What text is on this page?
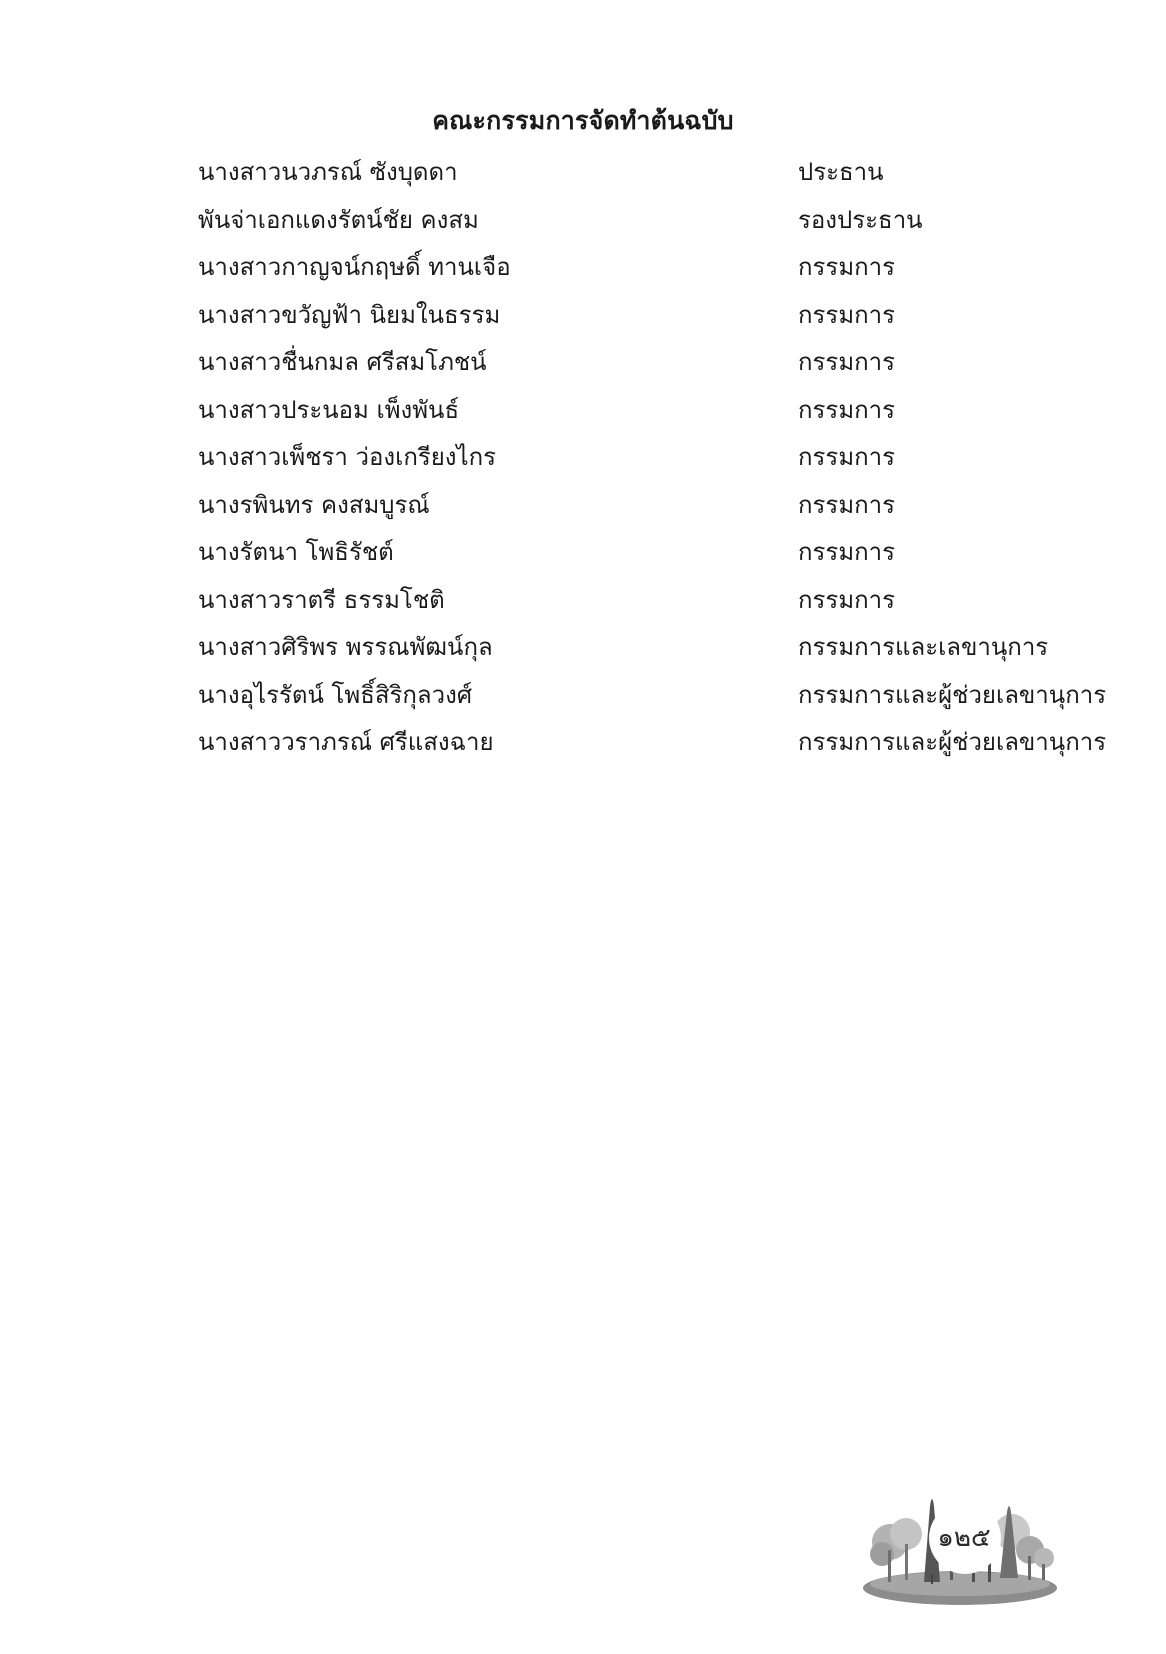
คณะกรรมการจัดทำต้นฉบับ
นางสาวนวภรณ์ ซังบุดดา	ประธาน
พันจ่าเอกแดงรัตน์ชัย คงสม	รองประธาน
นางสาวกาญจน์กฤษดิ์ ทานเจือ	กรรมการ
นางสาวขวัญฟ้า นิยมในธรรม	กรรมการ
นางสาวชื่นกมล ศรีสมโภชน์	กรรมการ
นางสาวประนอม เพ็งพันธ์	กรรมการ
นางสาวเพ็ชรา ว่องเกรียงไกร	กรรมการ
นางรพินทร คงสมบูรณ์	กรรมการ
นางรัตนา โพธิรัชต์	กรรมการ
นางสาวราตรี ธรรมโชติ	กรรมการ
นางสาวศิริพร พรรณพัฒน์กุล	กรรมการและเลขานุการ
นางอุไรรัตน์ โพธิ์สิริกุลวงศ์	กรรมการและผู้ช่วยเลขานุการ
นางสาววราภรณ์ ศรีแสงฉาย	กรรมการและผู้ช่วยเลขานุการ
๑๒๕
